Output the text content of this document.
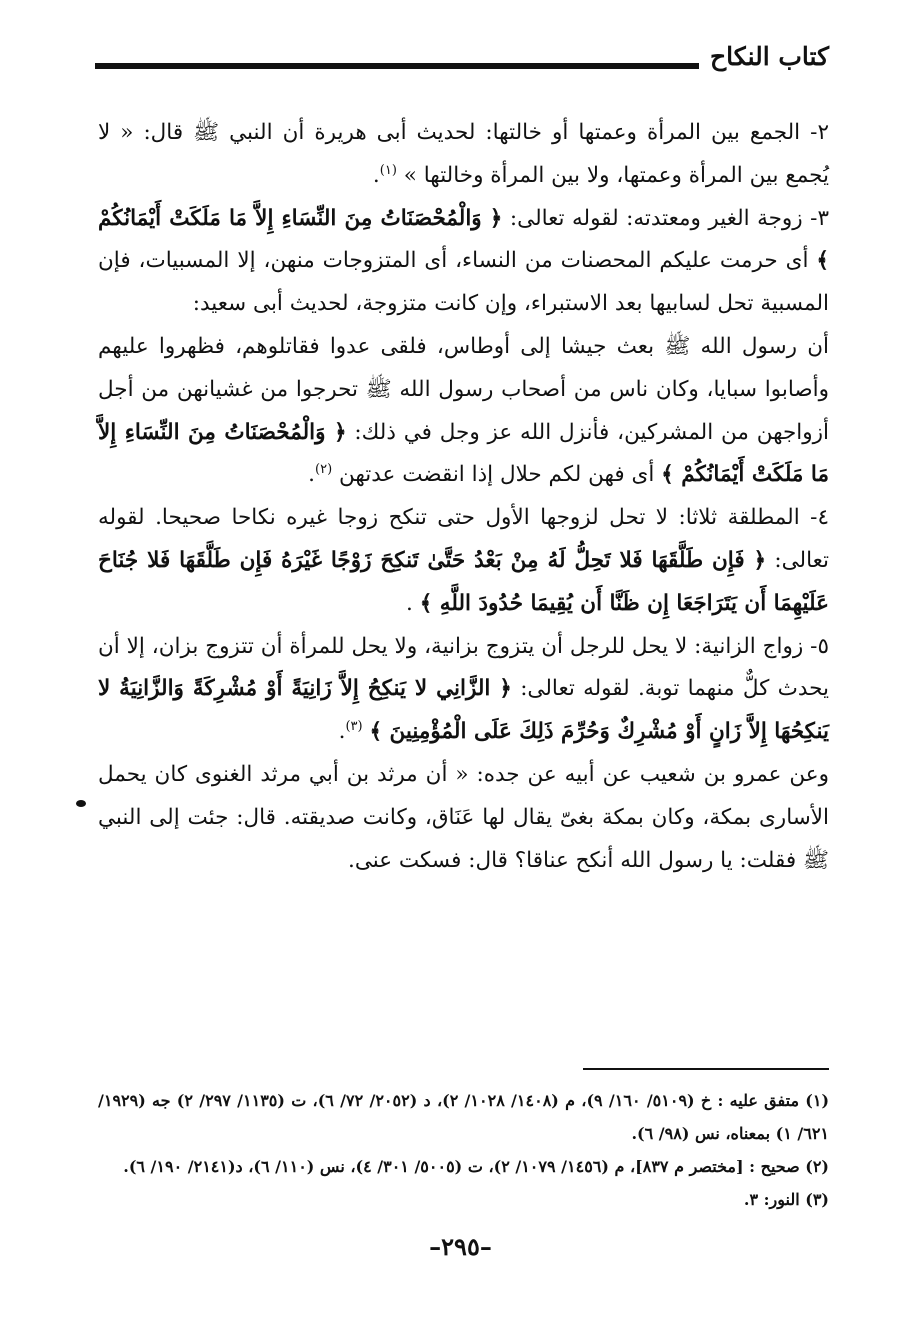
كتاب النكاح

٢- الجمع بين المرأة وعمتها أو خالتها: لحديث أبى هريرة أن النبي ﷺ قال: « لا يُجمع بين المرأة وعمتها، ولا بين المرأة وخالتها » $^{(١)}$.

٣- زوجة الغير ومعتدته: لقوله تعالى: ﴿ وَالْمُحْصَنَاتُ مِنَ النِّسَاءِ إِلاَّ مَا مَلَكَتْ أَيْمَانُكُمْ ﴾ أى حرمت عليكم المحصنات من النساء، أى المتزوجات منهن، إلا المسبيات، فإن المسبية تحل لسابيها بعد الاستبراء، وإن كانت متزوجة، لحديث أبى سعيد:

أن رسول الله ﷺ بعث جيشا إلى أوطاس، فلقى عدوا فقاتلوهم، فظهروا عليهم وأصابوا سبايا، وكان ناس من أصحاب رسول الله ﷺ تحرجوا من غشيانهن من أجل أزواجهن من المشركين، فأنزل الله عز وجل في ذلك: ﴿ وَالْمُحْصَنَاتُ مِنَ النِّسَاءِ إِلاَّ مَا مَلَكَتْ أَيْمَانُكُمْ ﴾ أى فهن لكم حلال إذا انقضت عدتهن $^{(٢)}$.

٤- المطلقة ثلاثا: لا تحل لزوجها الأول حتى تنكح زوجا غيره نكاحا صحيحا. لقوله تعالى: ﴿ فَإِن طَلَّقَهَا فَلا تَحِلُّ لَهُ مِنْ بَعْدُ حَتَّىٰ تَنكِحَ زَوْجًا غَيْرَهُ فَإِن طَلَّقَهَا فَلا جُنَاحَ عَلَيْهِمَا أَن يَتَرَاجَعَا إِن ظَنَّا أَن يُقِيمَا حُدُودَ اللَّهِ ﴾ .

٥- زواج الزانية: لا يحل للرجل أن يتزوج بزانية، ولا يحل للمرأة أن تتزوج بزان، إلا أن يحدث كلٌّ منهما توبة. لقوله تعالى: ﴿ الزَّانِي لا يَنكِحُ إِلاَّ زَانِيَةً أَوْ مُشْرِكَةً وَالزَّانِيَةُ لا يَنكِحُهَا إِلاَّ زَانٍ أَوْ مُشْرِكٌ وَحُرِّمَ ذَلِكَ عَلَى الْمُؤْمِنِينَ ﴾ $^{(٣)}$.

وعن عمرو بن شعيب عن أبيه عن جده: « أن مرثد بن أبي مرثد الغنوى كان يحمل الأسارى بمكة، وكان بمكة بغىّ يقال لها عَنَاق، وكانت صديقته. قال: جئت إلى النبي ﷺ فقلت: يا رسول الله أنكح عناقا؟ قال: فسكت عنى.

(١) متفق عليه : خ (٥١٠٩/ ١٦٠/ ٩)، م (١٤٠٨/ ١٠٢٨/ ٢)، د (٢٠٥٢/ ٧٢/ ٦)، ت (١١٣٥/ ٢٩٧/ ٢) جه (١٩٢٩/ ٦٢١/ ١) بمعناه، نس (٩٨/ ٦).

(٢) صحيح : [مختصر م ٨٣٧]، م (١٤٥٦/ ١٠٧٩/ ٢)، ت (٥٠٠٥/ ٣٠١/ ٤)، نس (١١٠/ ٦)، د(٢١٤١/ ١٩٠/ ٦).

(٣) النور: ٣.

–٢٩٥–
